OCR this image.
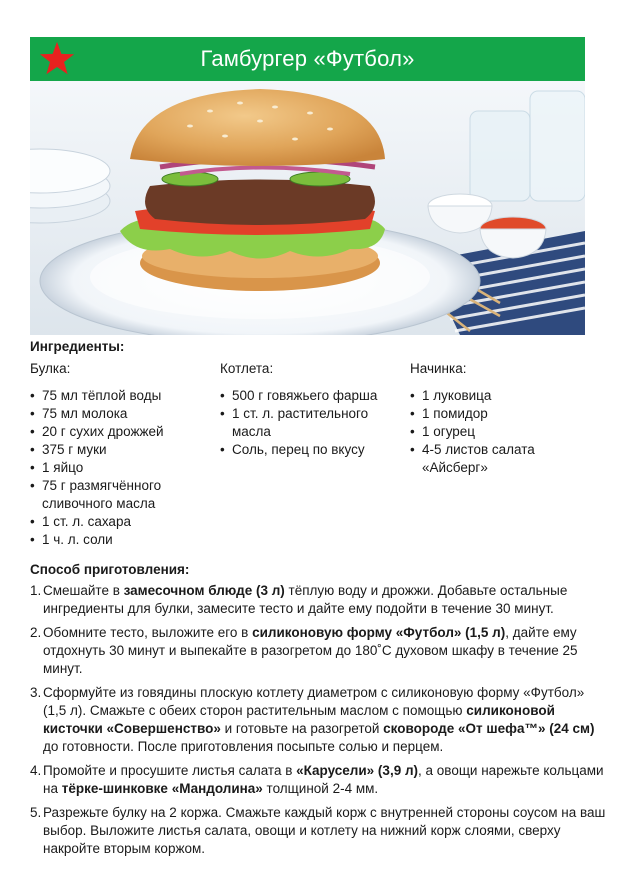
Гамбургер «Футбол»
Ингредиенты:
Булка:
• 75 мл тёплой воды
• 75 мл молока
• 20 г сухих дрожжей
• 375 г муки
• 1 яйцо
• 75 г размягчённого сливочного масла
• 1 ст. л. сахара
• 1 ч. л. соли
Котлета:
• 500 г говяжьего фарша
• 1 ст. л. растительного масла
• Соль, перец по вкусу
Начинка:
• 1 луковица
• 1 помидор
• 1 огурец
• 4-5 листов салата «Айсберг»
Способ приготовления:
1. Смешайте в замесочном блюде (3 л) тёплую воду и дрожжи. Добавьте остальные ингредиенты для булки, замесите тесто и дайте ему подойти в течение 30 минут.
2. Обомните тесто, выложите его в силиконовую форму «Футбол» (1,5 л), дайте ему отдохнуть 30 минут и выпекайте в разогретом до 180˚С духовом шкафу в течение 25 минут.
3. Сформуйте из говядины плоскую котлету диаметром с силиконовую форму «Футбол» (1,5 л). Смажьте с обеих сторон растительным маслом с помощью силиконовой кисточки «Совершенство» и готовьте на разогретой сковороде «От шефа™» (24 см) до готовности. После приготовления посыпьте солью и перцем.
4. Промойте и просушите листья салата в «Карусели» (3,9 л), а овощи нарежьте кольцами на тёрке-шинковке «Мандолина» толщиной 2-4 мм.
5. Разрежьте булку на 2 коржа. Смажьте каждый корж с внутренней стороны соусом на ваш выбор. Выложите листья салата, овощи и котлету на нижний корж слоями, сверху накройте вторым коржом.
